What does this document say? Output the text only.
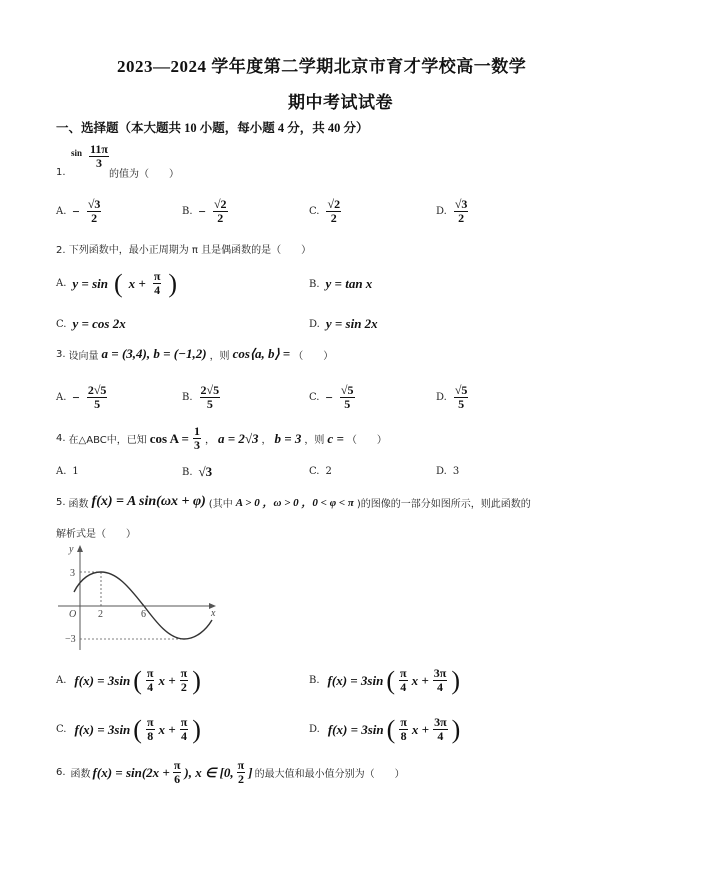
2023—2024 学年度第二学期北京市育才学校高一数学
期中考试试卷
一、选择题（本大题共 10 小题，每小题 4 分，共 40 分）
1.
$\sin \frac{11\pi}{3}$
的值为（　　）
A. − $\frac{√3}{2}$	B. − $\frac{√2}{2}$	C. $\frac{√2}{2}$	D. $\frac{√3}{2}$
2. 下列函数中，最小正周期为 π 且是偶函数的是（　　）
A. y = sin ( $x + \frac{\pi}{4}$ )	B. y = tan x
C. y = cos 2x	D. y = sin 2x
3. 设向量 a = (3,4), b = (−1,2) ，则 cos⟨a, b⟩ = （　　）
A. − $\frac{2√5}{5}$	B. $\frac{2√5}{5}$	C. − $\frac{√5}{5}$	D. $\frac{√5}{5}$
4. 在△ABC中，已知 $\cos A = \frac{1}{3}$ ， a = 2√3 ， b = 3 ，则 c = （　　）
A. 1	B. √3	C. 2	D. 3
5. 函数 f(x) = A sin(ωx + φ) (其中 A > 0 ，ω > 0 ，0 < φ < π )的图像的一部分如图所示，则此函数的
解析式是（　　）
y
x
O 2	6
3
−3
A. f(x) = 3sin ( $\frac{\pi}{4}$ $x + \frac{\pi}{2}$ )	B. f(x) = 3sin ( $\frac{\pi}{4}$ $x + \frac{3\pi}{4}$ )
C. f(x) = 3sin ( $\frac{\pi}{8}$ $x + \frac{\pi}{4}$ )	D. f(x) = 3sin ( $\frac{\pi}{8}$ $x + \frac{3\pi}{4}$ )
6. 函数 $f(x) = \sin(2x + \frac{\pi}{6}$ ), x ∈ [0, $\frac{\pi}{2}$ ] 的最大值和最小值分别为（　　）
